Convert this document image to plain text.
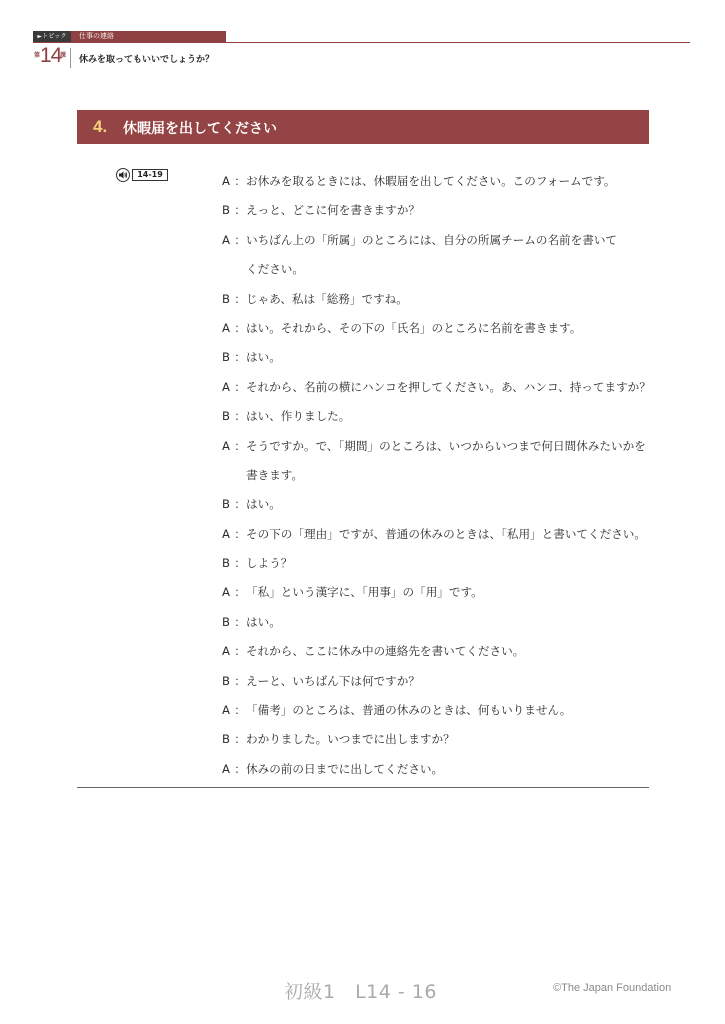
►トピック	仕事の連絡
第 14
課 休みを取ってもいいでしょうか？
4. 休暇届を出してください
14-19	A ： お休みを取るときには、休暇届を出してください。このフォームです。
B ： えっと、どこに何を書きますか？
A ： いちばん上の「所属」のところには、自分の所属チームの名前を書いて
ください。
B ： じゃあ、私は「総務」ですね。
A ： はい。それから、その下の「氏名」のところに名前を書きます。
B ： はい。
A ： それから、名前の横にハンコを押してください。あ、ハンコ、持ってますか？
B ： はい、作りました。
A ： そうですか。で、「期間」のところは、いつからいつまで何日間休みたいかを
書きます。
B ： はい。
A ： その下の「理由」ですが、普通の休みのときは、「私用」と書いてください。
B ： しよう？
A ： 「私」という漢字に、「用事」の「用」です。
B ： はい。
A ： それから、ここに休み中の連絡先を書いてください。
B ： えーと、いちばん下は何ですか？
A ： 「備考」のところは、普通の休みのときは、何もいりません。
B ： わかりました。いつまでに出しますか？
A ： 休みの前の日までに出してください。
初級1　L14 - 16	©The Japan Foundation
